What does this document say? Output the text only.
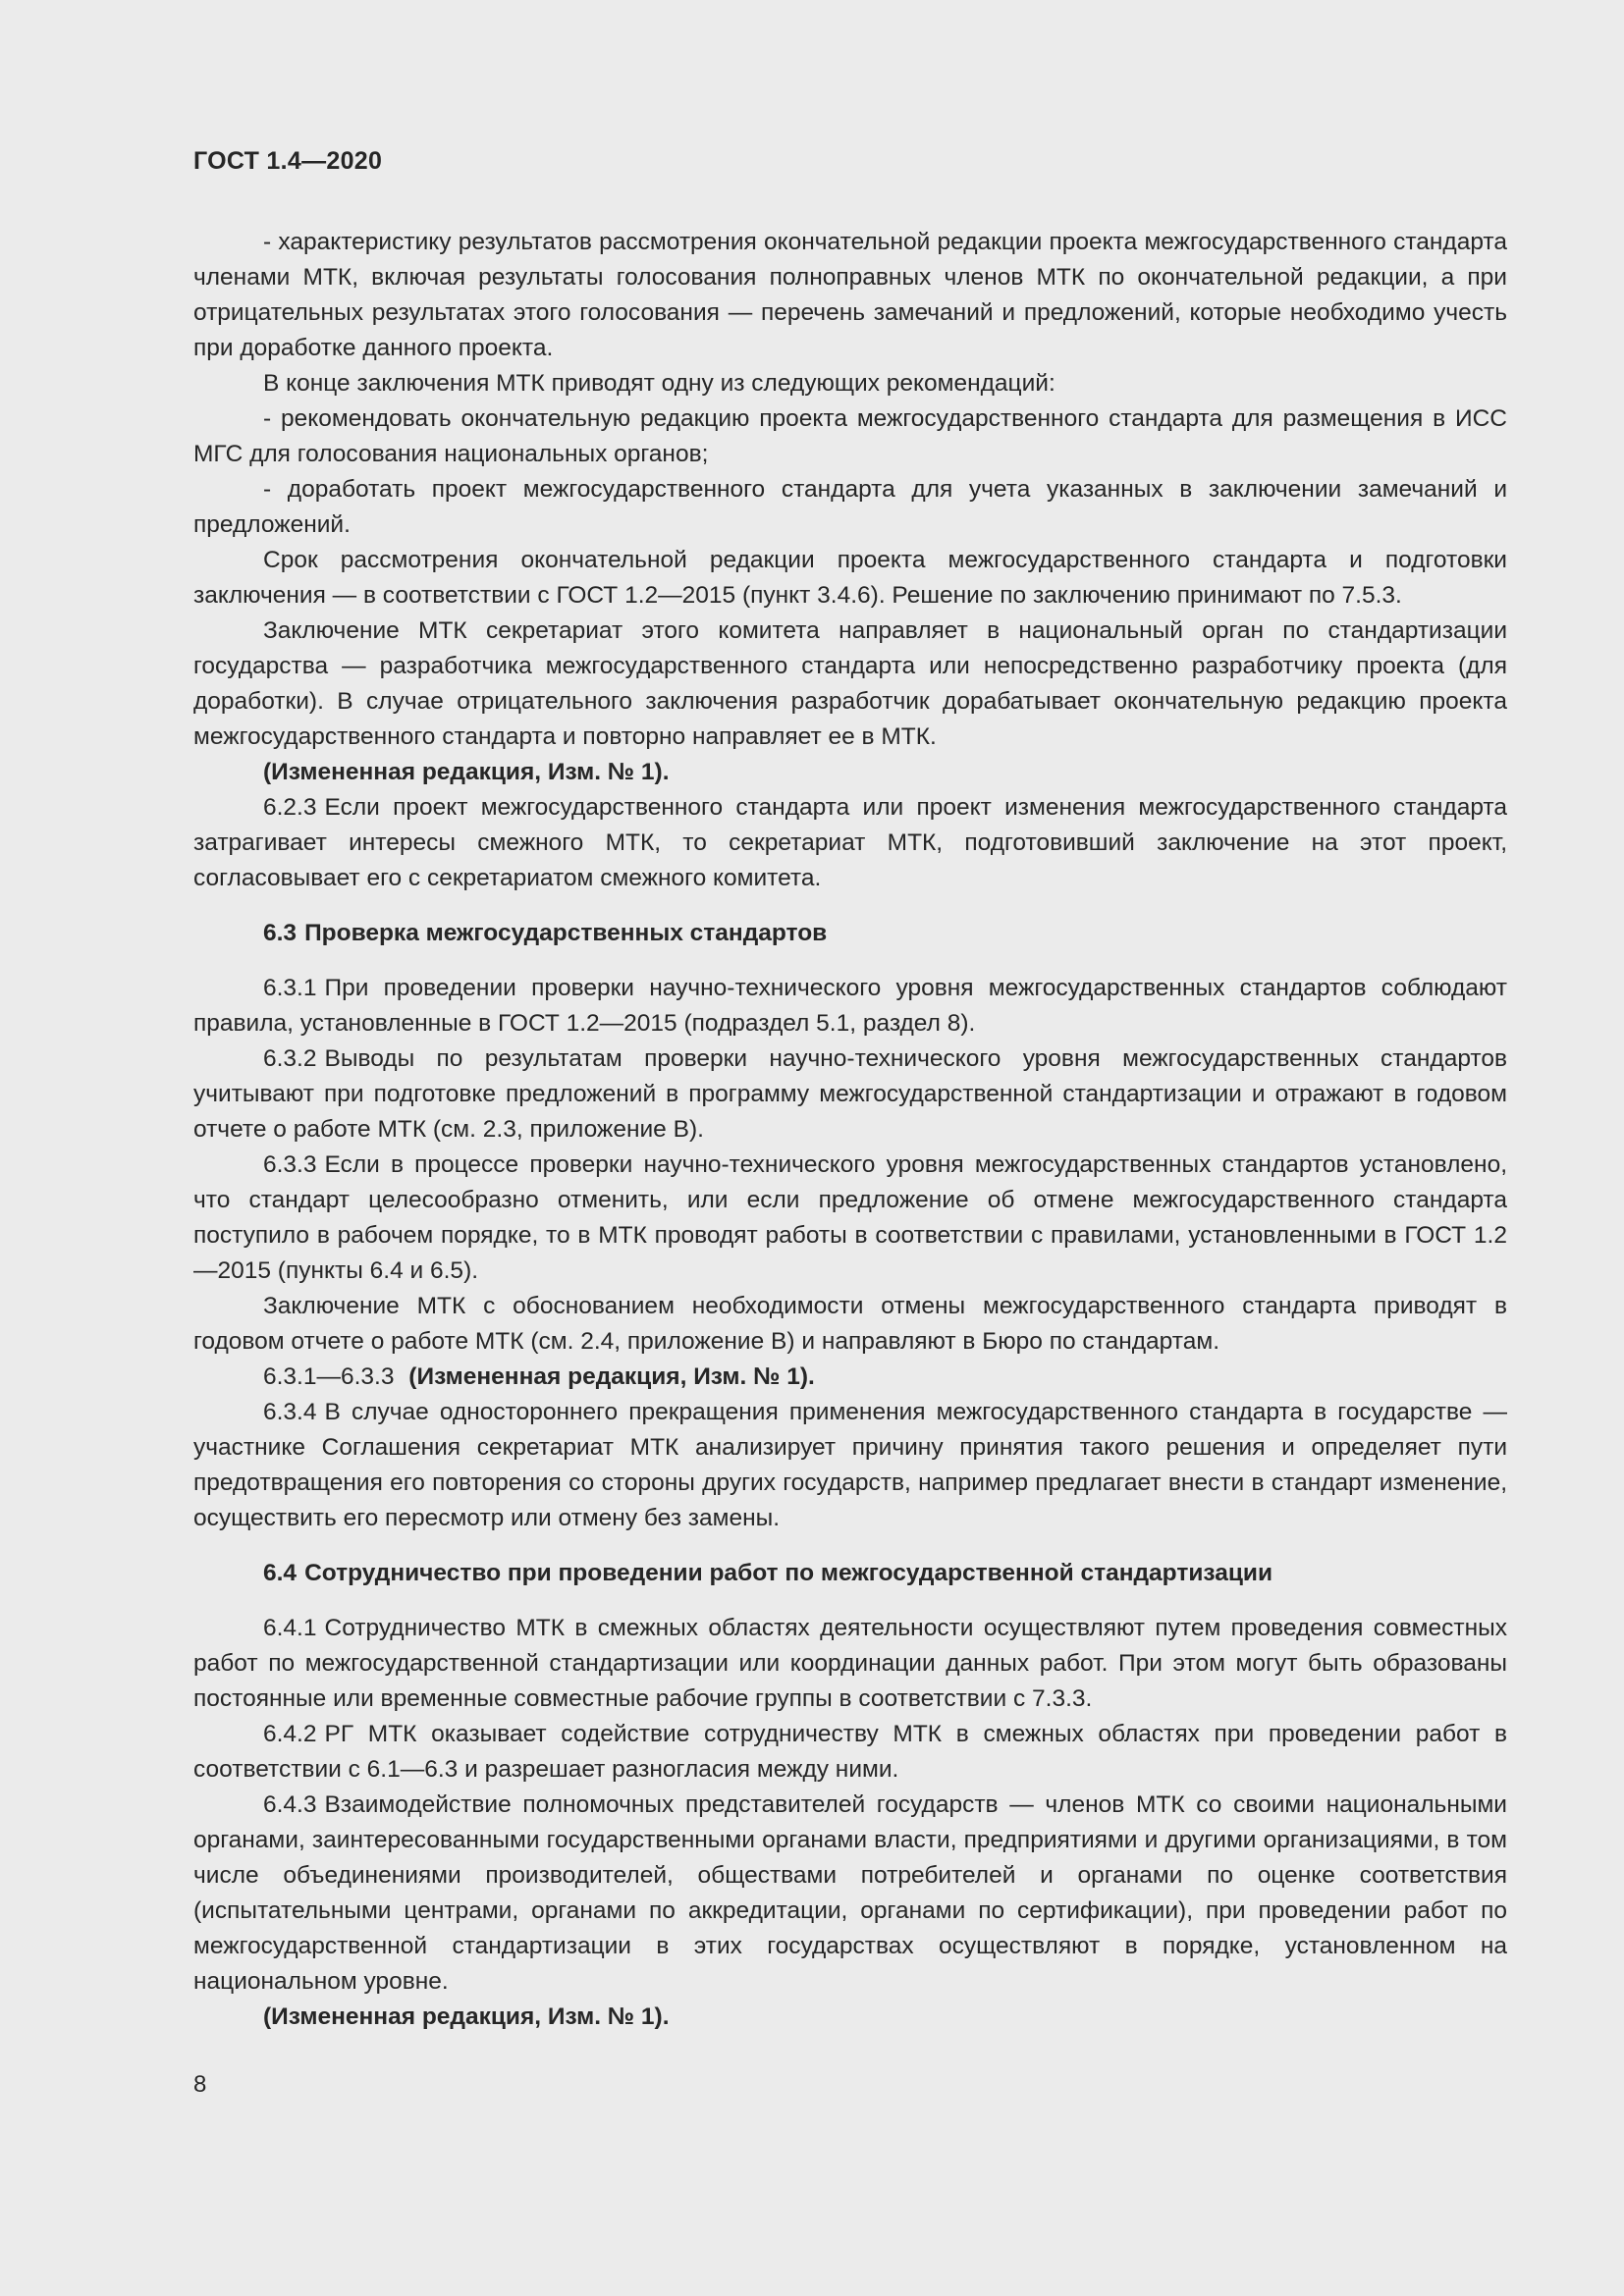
ГОСТ 1.4—2020

- характеристику результатов рассмотрения окончательной редакции проекта межгосударственного стандарта членами МТК, включая результаты голосования полноправных членов МТК по окончательной редакции, а при отрицательных результатах этого голосования — перечень замечаний и предложений, которые необходимо учесть при доработке данного проекта.

В конце заключения МТК приводят одну из следующих рекомендаций:

- рекомендовать окончательную редакцию проекта межгосударственного стандарта для размещения в ИСС МГС для голосования национальных органов;

- доработать проект межгосударственного стандарта для учета указанных в заключении замечаний и предложений.

Срок рассмотрения окончательной редакции проекта межгосударственного стандарта и подготовки заключения — в соответствии с ГОСТ 1.2—2015 (пункт 3.4.6). Решение по заключению принимают по 7.5.3.

Заключение МТК секретариат этого комитета направляет в национальный орган по стандартизации государства — разработчика межгосударственного стандарта или непосредственно разработчику проекта (для доработки). В случае отрицательного заключения разработчик дорабатывает окончательную редакцию проекта межгосударственного стандарта и повторно направляет ее в МТК.

(Измененная редакция, Изм. № 1).

6.2.3 Если проект межгосударственного стандарта или проект изменения межгосударственного стандарта затрагивает интересы смежного МТК, то секретариат МТК, подготовивший заключение на этот проект, согласовывает его с секретариатом смежного комитета.

6.3 Проверка межгосударственных стандартов

6.3.1 При проведении проверки научно-технического уровня межгосударственных стандартов соблюдают правила, установленные в ГОСТ 1.2—2015 (подраздел 5.1, раздел 8).

6.3.2 Выводы по результатам проверки научно-технического уровня межгосударственных стандартов учитывают при подготовке предложений в программу межгосударственной стандартизации и отражают в годовом отчете о работе МТК (см. 2.3, приложение В).

6.3.3 Если в процессе проверки научно-технического уровня межгосударственных стандартов установлено, что стандарт целесообразно отменить, или если предложение об отмене межгосударственного стандарта поступило в рабочем порядке, то в МТК проводят работы в соответствии с правилами, установленными в ГОСТ 1.2—2015 (пункты 6.4 и 6.5).

Заключение МТК с обоснованием необходимости отмены межгосударственного стандарта приводят в годовом отчете о работе МТК (см. 2.4, приложение В) и направляют в Бюро по стандартам.

6.3.1—6.3.3 (Измененная редакция, Изм. № 1).

6.3.4 В случае одностороннего прекращения применения межгосударственного стандарта в государстве — участнике Соглашения секретариат МТК анализирует причину принятия такого решения и определяет пути предотвращения его повторения со стороны других государств, например предлагает внести в стандарт изменение, осуществить его пересмотр или отмену без замены.

6.4 Сотрудничество при проведении работ по межгосударственной стандартизации

6.4.1 Сотрудничество МТК в смежных областях деятельности осуществляют путем проведения совместных работ по межгосударственной стандартизации или координации данных работ. При этом могут быть образованы постоянные или временные совместные рабочие группы в соответствии с 7.3.3.

6.4.2 РГ МТК оказывает содействие сотрудничеству МТК в смежных областях при проведении работ в соответствии с 6.1—6.3 и разрешает разногласия между ними.

6.4.3 Взаимодействие полномочных представителей государств — членов МТК со своими национальными органами, заинтересованными государственными органами власти, предприятиями и другими организациями, в том числе объединениями производителей, обществами потребителей и органами по оценке соответствия (испытательными центрами, органами по аккредитации, органами по сертификации), при проведении работ по межгосударственной стандартизации в этих государствах осуществляют в порядке, установленном на национальном уровне.

(Измененная редакция, Изм. № 1).

8
